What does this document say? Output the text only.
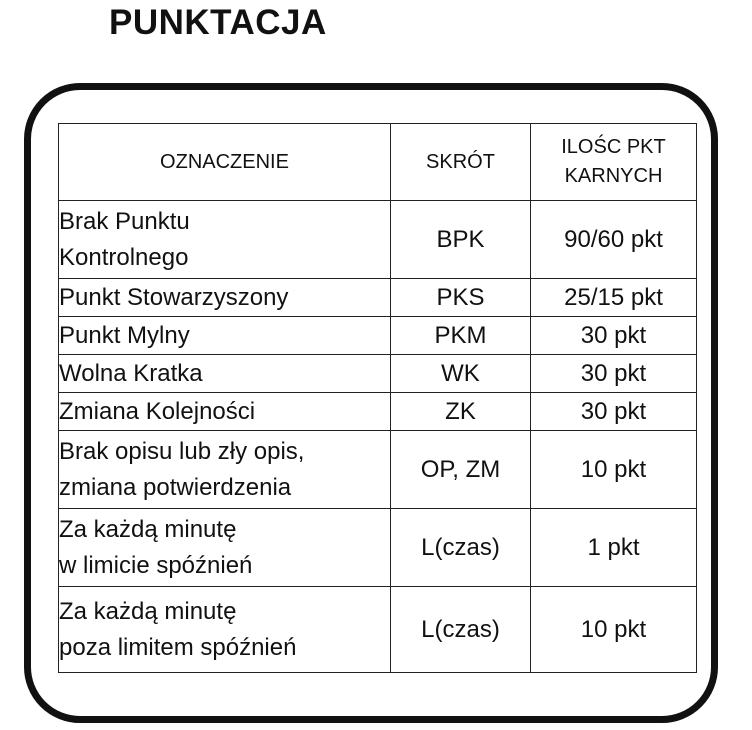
PUNKTACJA
OZNACZENIE	SKRÓT	ILOŚC PKT
KARNYCH
Brak Punktu
Kontrolnego	BPK	90/60 pkt
Punkt Stowarzyszony	PKS	25/15 pkt
Punkt Mylny	PKM	30 pkt
Wolna Kratka	WK	30 pkt
Zmiana Kolejności	ZK	30 pkt
Brak opisu lub zły opis,
zmiana potwierdzenia	OP, ZM	10 pkt
Za każdą minutę
w limicie spóźnień	L(czas)	1 pkt
Za każdą minutę
poza limitem spóźnień	L(czas)	10 pkt
